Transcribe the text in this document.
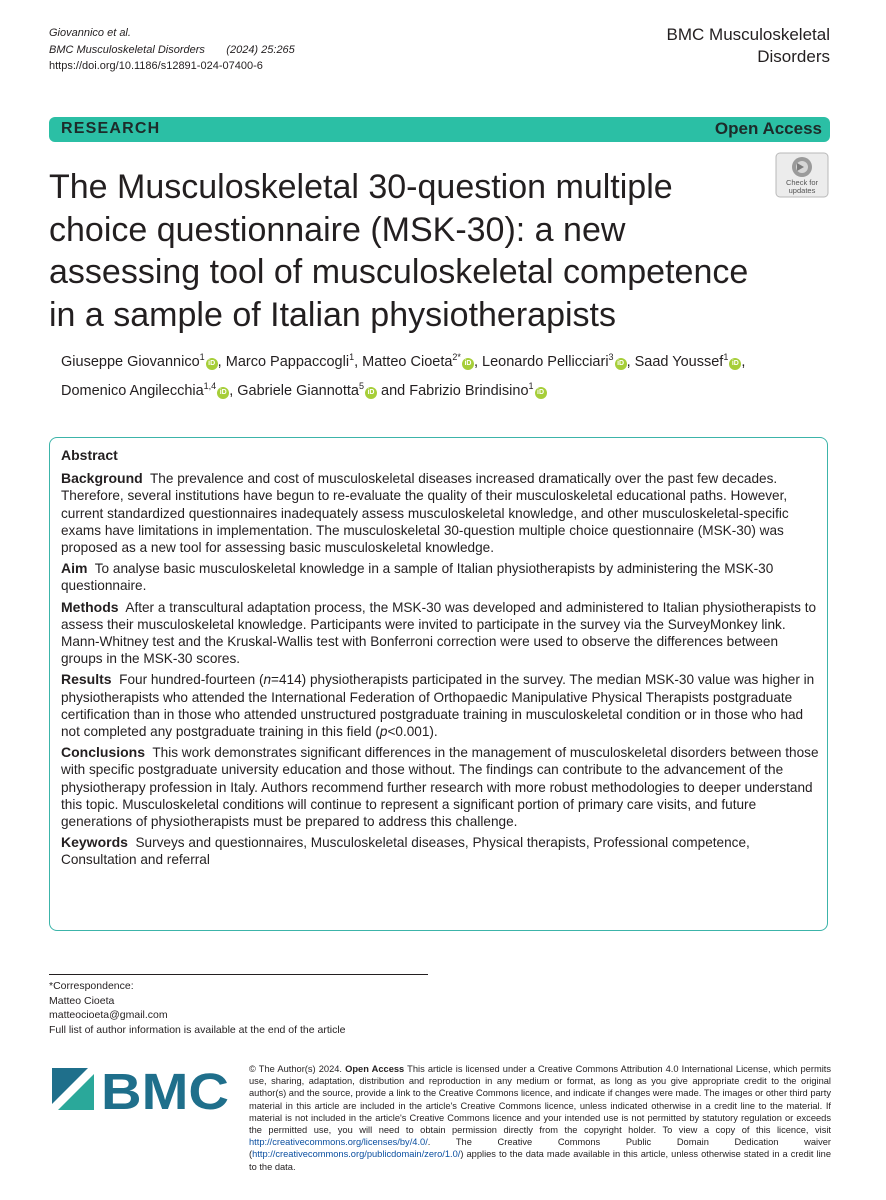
Giovannico et al.
BMC Musculoskeletal Disorders (2024) 25:265
https://doi.org/10.1186/s12891-024-07400-6
BMC Musculoskeletal
Disorders
RESEARCH	Open Access
The Musculoskeletal 30-question multiple choice questionnaire (MSK-30): a new assessing tool of musculoskeletal competence in a sample of Italian physiotherapists
Check for
updates
Giuseppe Giovannico$^1$iD , Marco Pappaccogli$^1$, Matteo Cioeta$^{2*}$iD , Leonardo Pellicciari$^3$iD , Saad Youssef$^1$iD ,
Domenico Angilecchia$^{1,4}$iD , Gabriele Giannotta$^5$iD and Fabrizio Brindisino$^1$iD
Abstract

Background The prevalence and cost of musculoskeletal diseases increased dramatically over the past few decades. Therefore, several institutions have begun to re-evaluate the quality of their musculoskeletal educational paths. However, current standardized questionnaires inadequately assess musculoskeletal knowledge, and other musculoskeletal-specific exams have limitations in implementation. The musculoskeletal 30-question multiple choice questionnaire (MSK-30) was proposed as a new tool for assessing basic musculoskeletal knowledge.

Aim To analyse basic musculoskeletal knowledge in a sample of Italian physiotherapists by administering the MSK-30 questionnaire.

Methods After a transcultural adaptation process, the MSK-30 was developed and administered to Italian physiotherapists to assess their musculoskeletal knowledge. Participants were invited to participate in the survey via the SurveyMonkey link. Mann-Whitney test and the Kruskal-Wallis test with Bonferroni correction were used to observe the differences between groups in the MSK-30 scores.

Results Four hundred-fourteen (n=414) physiotherapists participated in the survey. The median MSK-30 value was higher in physiotherapists who attended the International Federation of Orthopaedic Manipulative Physical Therapists postgraduate certification than in those who attended unstructured postgraduate training in musculoskeletal condition or in those who had not completed any postgraduate training in this field (p<0.001).

Conclusions This work demonstrates significant differences in the management of musculoskeletal disorders between those with specific postgraduate university education and those without. The findings can contribute to the advancement of the physiotherapy profession in Italy. Authors recommend further research with more robust methodologies to deeper understand this topic. Musculoskeletal conditions will continue to represent a significant portion of primary care visits, and future generations of physiotherapists must be prepared to address this challenge.

Keywords Surveys and questionnaires, Musculoskeletal diseases, Physical therapists, Professional competence, Consultation and referral

*Correspondence:
Matteo Cioeta
matteocioeta@gmail.com
Full list of author information is available at the end of the article
BMC © The Author(s) 2024. Open Access This article is licensed under a Creative Commons Attribution 4.0 International License, which permits use, sharing, adaptation, distribution and reproduction in any medium or format, as long as you give appropriate credit to the original author(s) and the source, provide a link to the Creative Commons licence, and indicate if changes were made. The images or other third party material in this article are included in the article's Creative Commons licence, unless indicated otherwise in a credit line to the material. If material is not included in the article's Creative Commons licence and your intended use is not permitted by statutory regulation or exceeds the permitted use, you will need to obtain permission directly from the copyright holder. To view a copy of this licence, visit http://creativecommons.org/licenses/by/4.0/. The Creative Commons Public Domain Dedication waiver (http://creativecommons.org/publicdomain/zero/1.0/) applies to the data made available in this article, unless otherwise stated in a credit line to the data.
